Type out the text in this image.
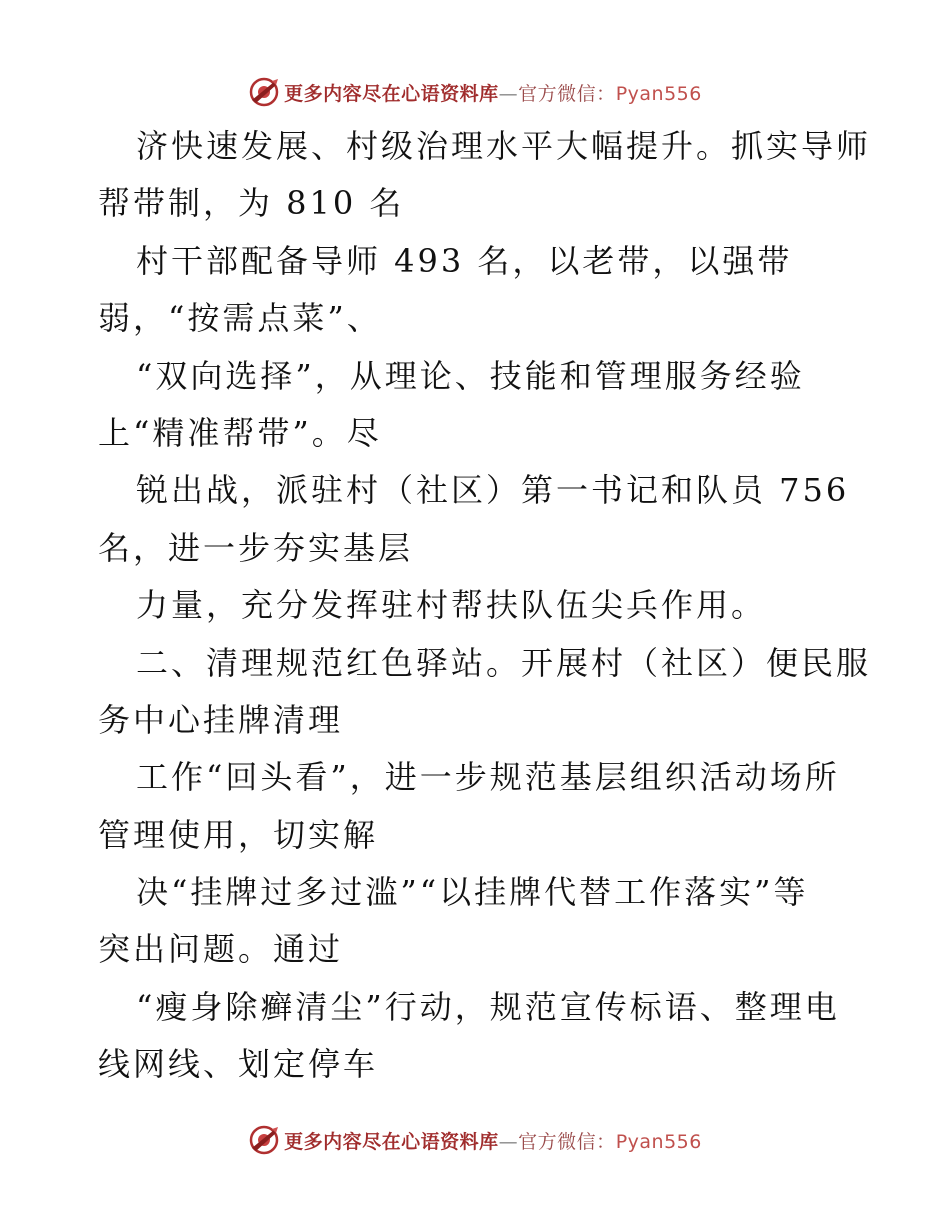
更多内容尽在心语资料库—官方微信：Pyan556
济快速发展、村级治理水平大幅提升。抓实导师
帮带制，为 810 名
村干部配备导师 493 名，以老带，以强带
弱，“按需点菜”、
“双向选择”，从理论、技能和管理服务经验
上“精准帮带”。尽
锐出战，派驻村（社区）第一书记和队员 756
名，进一步夯实基层
力量，充分发挥驻村帮扶队伍尖兵作用。
二、清理规范红色驿站。开展村（社区）便民服
务中心挂牌清理
工作“回头看”，进一步规范基层组织活动场所
管理使用，切实解
决“挂牌过多过滥”“以挂牌代替工作落实”等
突出问题。通过
“瘦身除癣清尘”行动，规范宣传标语、整理电
线网线、划定停车
更多内容尽在心语资料库—官方微信：Pyan556
